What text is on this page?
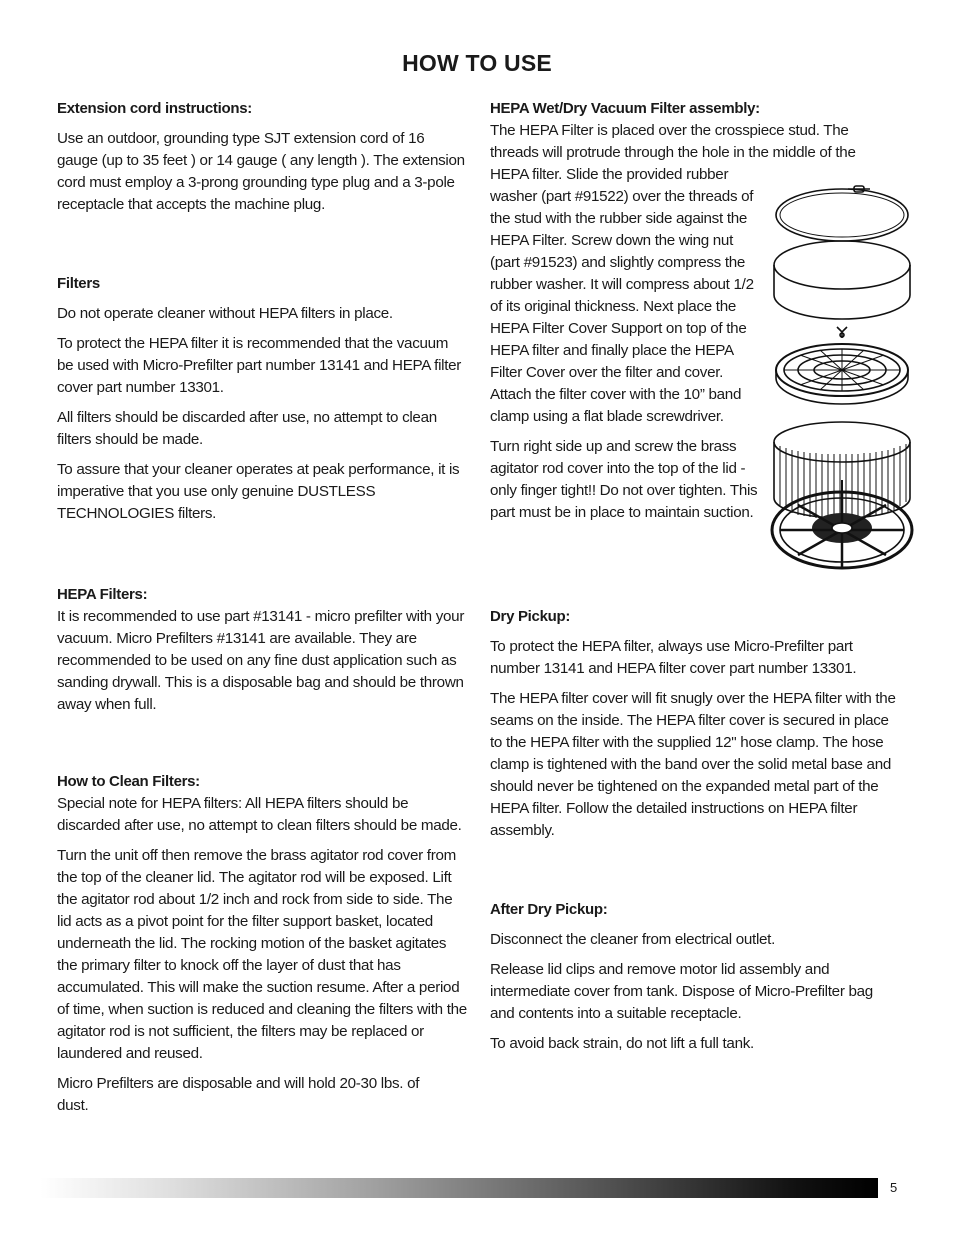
HOW TO USE
Extension cord instructions:

Use an outdoor, grounding type SJT extension cord of 16 gauge (up to 35 feet ) or 14 gauge ( any length ). The extension cord must employ a 3-prong grounding type plug and a 3-pole receptacle that accepts the machine plug.

Filters

Do not operate cleaner without HEPA filters in place.

To protect the HEPA filter it is recommended that the vacuum be used with Micro-Prefilter part number 13141 and HEPA filter cover part number 13301.

All filters should be discarded after use, no attempt to clean filters should be made.

To assure that your cleaner operates at peak performance, it is imperative that you use only genuine DUSTLESS TECHNOLOGIES filters.

HEPA Filters:

It is recommended to use part #13141 - micro prefilter with your vacuum. Micro Prefilters #13141 are available. They are recommended to be used on any fine dust application such as sanding drywall. This is a disposable bag and should be thrown away when full.

How to Clean Filters:

Special note for HEPA filters: All HEPA filters should be discarded after use, no attempt to clean filters should be made.

Turn the unit off then remove the brass agitator rod cover from the top of the cleaner lid. The agitator rod will be exposed. Lift the agitator rod about 1/2 inch and rock from side to side. The lid acts as a pivot point for the filter support basket, located underneath the lid. The rocking motion of the basket agitates the primary filter to knock off the layer of dust that has accumulated. This will make the suction resume. After a period of time, when suction is reduced and cleaning the filters with the agitator rod is not sufficient, the filters may be replaced or laundered and reused.

Micro Prefilters are disposable and will hold 20-30 lbs. of dust.

HEPA Wet/Dry Vacuum Filter assembly:

The HEPA Filter is placed over the crosspiece stud. The threads will protrude through the hole in the middle of the HEPA filter. Slide the provided rubber

washer (part #91522) over the threads of the stud with the rubber side against the HEPA Filter. Screw down the wing nut (part #91523) and slightly compress the rubber washer. It will compress about 1/2 of its original thickness. Next place the HEPA Filter Cover Support on top of the HEPA filter and finally place the HEPA Filter Cover over the filter and cover. Attach the filter cover with the 10” band clamp using a flat blade screwdriver.

Turn right side up and screw the brass agitator rod cover into the top of the lid - only finger tight!! Do not over tighten. This part must be in place to maintain suction.

Dry Pickup:

To protect the HEPA filter, always use Micro-Prefilter part number 13141 and HEPA filter cover part number 13301.

The HEPA filter cover will fit snugly over the HEPA filter with the seams on the inside. The HEPA filter cover is secured in place to the HEPA filter with the supplied 12" hose clamp. The hose clamp is tightened with the band over the solid metal base and should never be tightened on the expanded metal part of the HEPA filter. Follow the detailed instructions on HEPA filter assembly.

After Dry Pickup:

Disconnect the cleaner from electrical outlet.

Release lid clips and remove motor lid assembly and intermediate cover from tank. Dispose of Micro-Prefilter bag and contents into a suitable receptacle.

To avoid back strain, do not lift a full tank.

5
